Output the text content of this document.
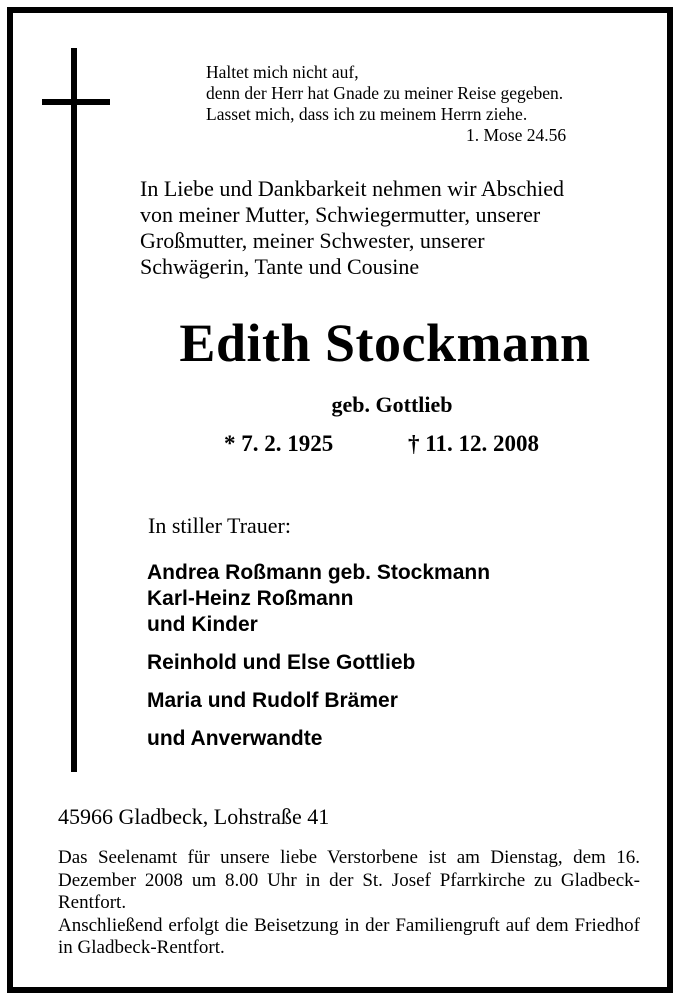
Haltet mich nicht auf,
denn der Herr hat Gnade zu meiner Reise gegeben.
Lasset mich, dass ich zu meinem Herrn ziehe.
1. Mose 24.56
In Liebe und Dankbarkeit nehmen wir Abschied
von meiner Mutter, Schwiegermutter, unserer
Großmutter, meiner Schwester, unserer
Schwägerin, Tante und Cousine
Edith Stockmann
geb. Gottlieb
* 7. 2. 1925	† 11. 12. 2008
In stiller Trauer:
Andrea Roßmann geb. Stockmann
Karl-Heinz Roßmann
und Kinder
Reinhold und Else Gottlieb
Maria und Rudolf Brämer
und Anverwandte
45966 Gladbeck, Lohstraße 41
Das Seelenamt für unsere liebe Verstorbene ist am Dienstag, dem 16. Dezember 2008 um 8.00 Uhr in der St. Josef Pfarrkirche zu Gladbeck-Rentfort.
Anschließend erfolgt die Beisetzung in der Familiengruft auf dem Friedhof in Gladbeck-Rentfort.
